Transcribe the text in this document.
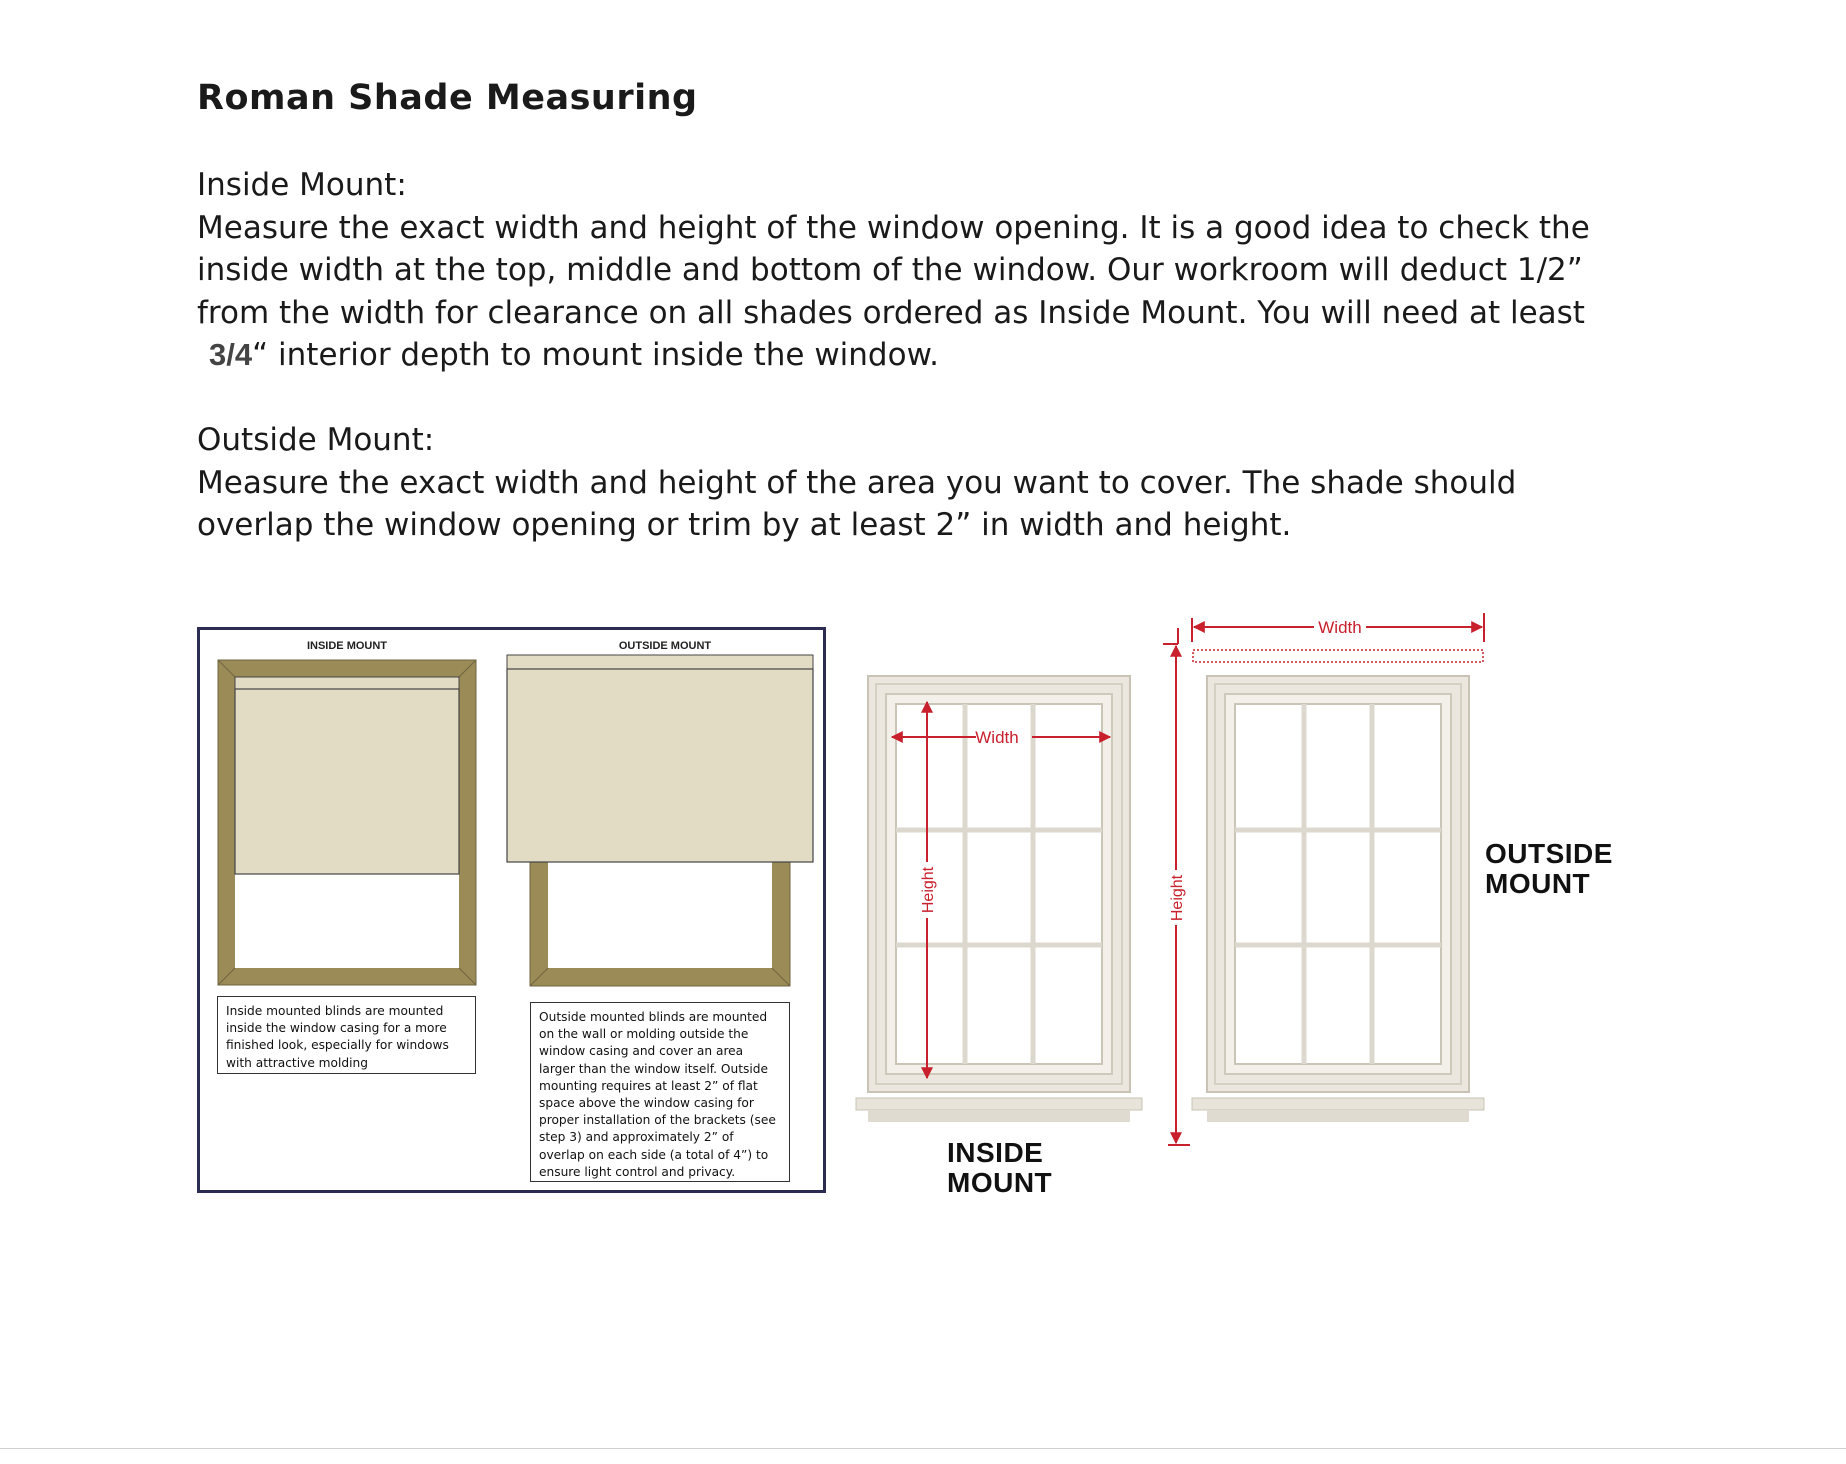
Roman Shade Measuring
Inside Mount:
Measure the exact width and height of the window opening. It is a good idea to check the inside width at the top, middle and bottom of the window. Our workroom will deduct 1/2” from the width for clearance on all shades ordered as Inside Mount. You will need at least
3/4“ interior depth to mount inside the window.
Outside Mount:
Measure the exact width and height of the area you want to cover. The shade should overlap the window opening or trim by at least 2” in width and height.
INSIDE MOUNT	OUTSIDE MOUNT
Inside mounted blinds are mounted inside the window casing for a more finished look, especially for windows with attractive molding
Outside mounted blinds are mounted on the wall or molding outside the window casing and cover an area larger than the window itself. Outside mounting requires at least 2” of flat space above the window casing for proper installation of the brackets (see step 3) and approximately 2” of overlap on each side (a total of 4”) to ensure light control and privacy.
Width
Height
Width
Height
INSIDE
MOUNT
OUTSIDE
MOUNT
